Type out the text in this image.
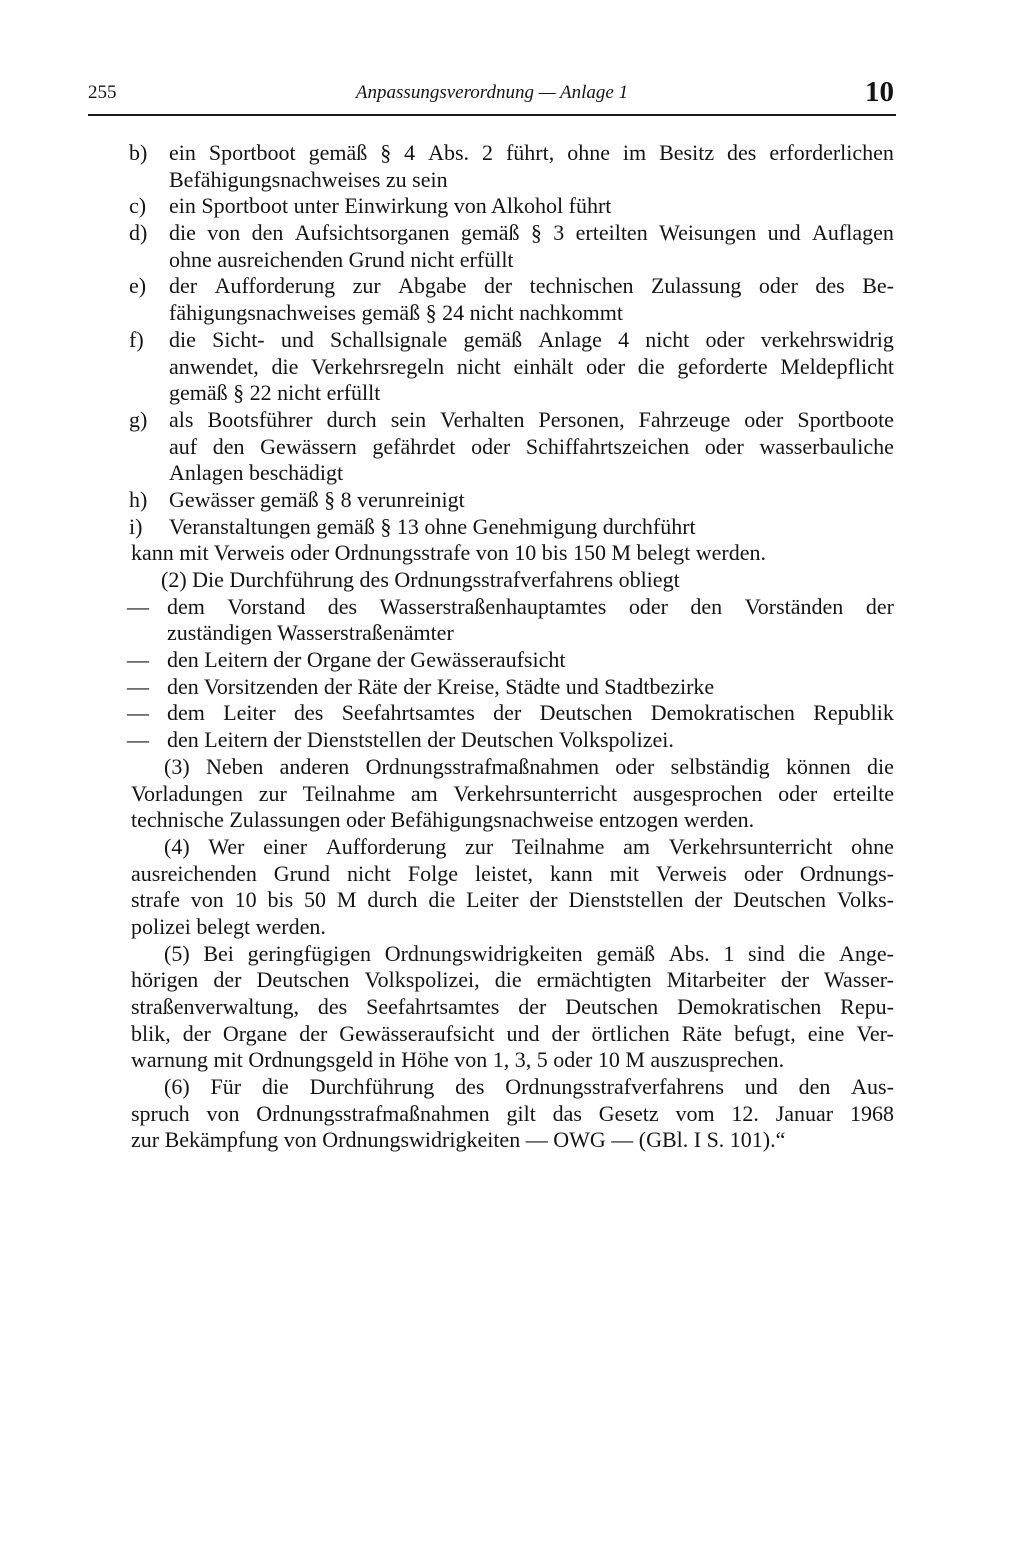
255	Anpassungsverordnung — Anlage 1	10
b) ein Sportboot gemäß § 4 Abs. 2 führt, ohne im Besitz des erforderlichen
Befähigungsnachweises zu sein
c) ein Sportboot unter Einwirkung von Alkohol führt
d) die von den Aufsichtsorganen gemäß § 3 erteilten Weisungen und Auflagen
ohne ausreichenden Grund nicht erfüllt
e) der Aufforderung zur Abgabe der technischen Zulassung oder des Be-
fähigungsnachweises gemäß § 24 nicht nachkommt
f) die Sicht- und Schallsignale gemäß Anlage 4 nicht oder verkehrswidrig
anwendet, die Verkehrsregeln nicht einhält oder die geforderte Meldepflicht
gemäß § 22 nicht erfüllt
g) als Bootsführer durch sein Verhalten Personen, Fahrzeuge oder Sportboote
auf den Gewässern gefährdet oder Schiffahrtszeichen oder wasserbauliche
Anlagen beschädigt
h) Gewässer gemäß § 8 verunreinigt
i) Veranstaltungen gemäß § 13 ohne Genehmigung durchführt
kann mit Verweis oder Ordnungsstrafe von 10 bis 150 M belegt werden.
(2) Die Durchführung des Ordnungsstrafverfahrens obliegt
— dem Vorstand des Wasserstraßenhauptamtes oder den Vorständen der
zuständigen Wasserstraßenämter
— den Leitern der Organe der Gewässeraufsicht
— den Vorsitzenden der Räte der Kreise, Städte und Stadtbezirke
— dem Leiter des Seefahrtsamtes der Deutschen Demokratischen Republik
— den Leitern der Dienststellen der Deutschen Volkspolizei.
(3) Neben anderen Ordnungsstrafmaßnahmen oder selbständig können die
Vorladungen zur Teilnahme am Verkehrsunterricht ausgesprochen oder erteilte
technische Zulassungen oder Befähigungsnachweise entzogen werden.
(4) Wer einer Aufforderung zur Teilnahme am Verkehrsunterricht ohne
ausreichenden Grund nicht Folge leistet, kann mit Verweis oder Ordnungs-
strafe von 10 bis 50 M durch die Leiter der Dienststellen der Deutschen Volks-
polizei belegt werden.
(5) Bei geringfügigen Ordnungswidrigkeiten gemäß Abs. 1 sind die Ange-
hörigen der Deutschen Volkspolizei, die ermächtigten Mitarbeiter der Wasser-
straßenverwaltung, des Seefahrtsamtes der Deutschen Demokratischen Repu-
blik, der Organe der Gewässeraufsicht und der örtlichen Räte befugt, eine Ver-
warnung mit Ordnungsgeld in Höhe von 1, 3, 5 oder 10 M auszusprechen.
(6) Für die Durchführung des Ordnungsstrafverfahrens und den Aus-
spruch von Ordnungsstrafmaßnahmen gilt das Gesetz vom 12. Januar 1968
zur Bekämpfung von Ordnungswidrigkeiten — OWG — (GBl. I S. 101).“
